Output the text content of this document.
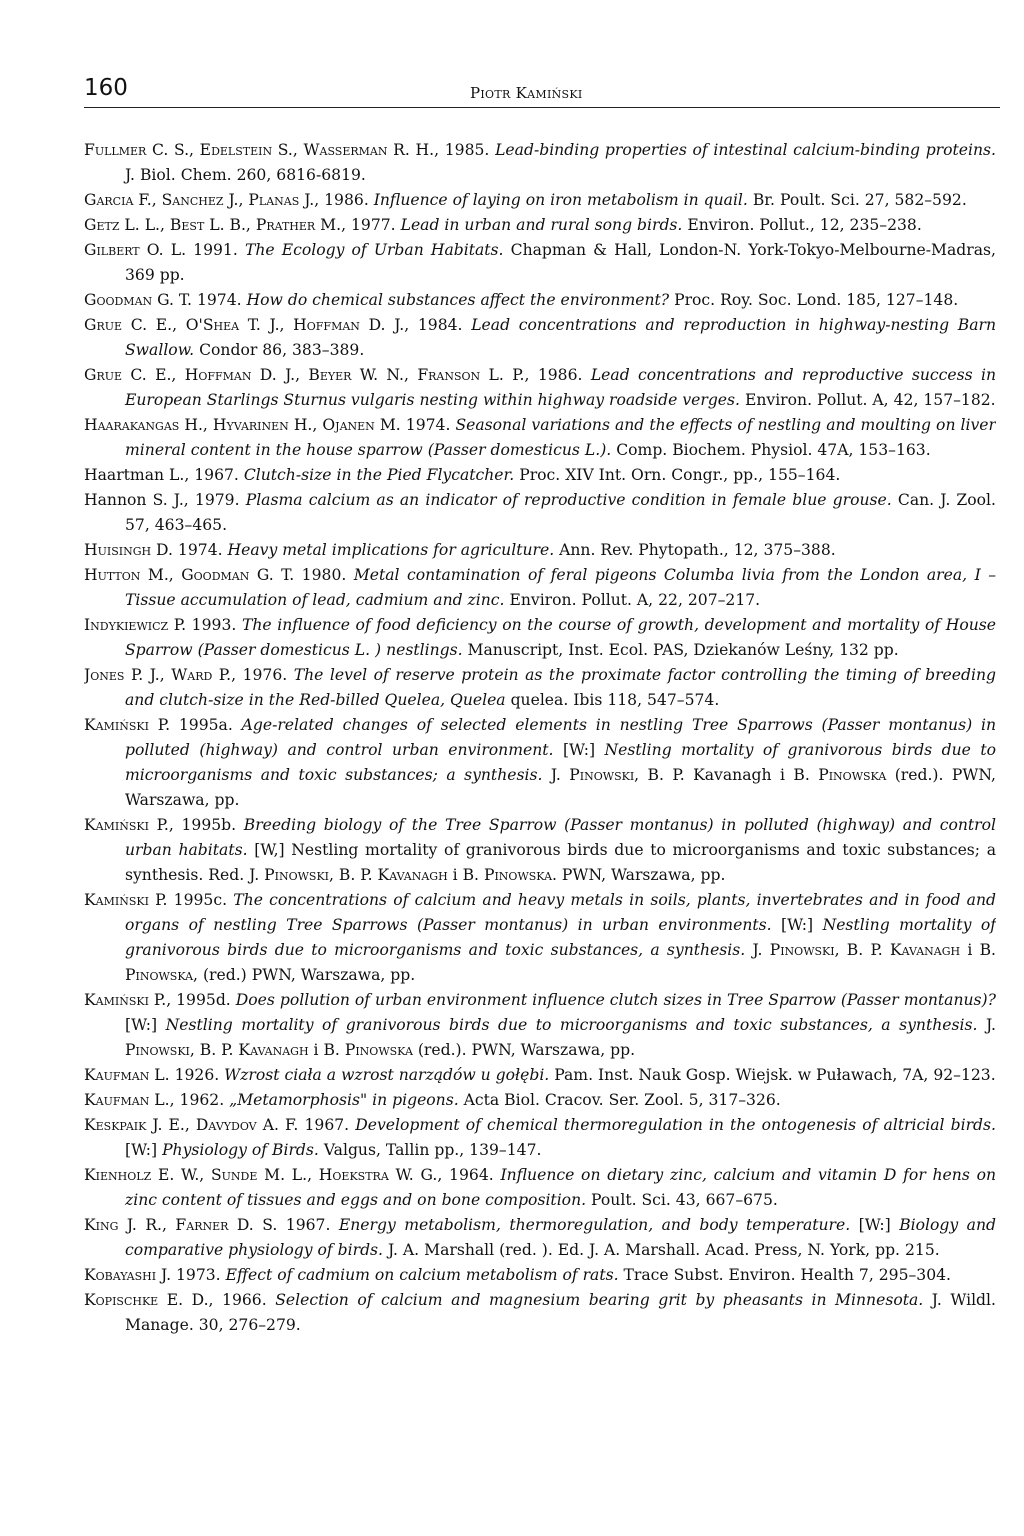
160	Piotr Kamiński

Fullmer C. S., Edelstein S., Wasserman R. H., 1985. Lead-binding properties of intestinal calcium-binding proteins. J. Biol. Chem. 260, 6816-6819.

Garcia F., Sanchez J., Planas J., 1986. Influence of laying on iron metabolism in quail. Br. Poult. Sci. 27, 582–592.

Getz L. L., Best L. B., Prather M., 1977. Lead in urban and rural song birds. Environ. Pollut., 12, 235–238.

Gilbert O. L. 1991. The Ecology of Urban Habitats. Chapman & Hall, London-N. York-Tokyo-Melbourne-Madras, 369 pp.

Goodman G. T. 1974. How do chemical substances affect the environment? Proc. Roy. Soc. Lond. 185, 127–148.

Grue C. E., O'Shea T. J., Hoffman D. J., 1984. Lead concentrations and reproduction in highway-nesting Barn Swallow. Condor 86, 383–389.

Grue C. E., Hoffman D. J., Beyer W. N., Franson L. P., 1986. Lead concentrations and reproductive success in European Starlings Sturnus vulgaris nesting within highway roadside verges. Environ. Pollut. A, 42, 157–182.

Haarakangas H., Hyvarinen H., Ojanen M. 1974. Seasonal variations and the effects of nestling and moulting on liver mineral content in the house sparrow (Passer domesticus L.). Comp. Biochem. Physiol. 47A, 153–163.

Haartman L., 1967. Clutch-size in the Pied Flycatcher. Proc. XIV Int. Orn. Congr., pp., 155–164.

Hannon S. J., 1979. Plasma calcium as an indicator of reproductive condition in female blue grouse. Can. J. Zool. 57, 463–465.

Huisingh D. 1974. Heavy metal implications for agriculture. Ann. Rev. Phytopath., 12, 375–388.

Hutton M., Goodman G. T. 1980. Metal contamination of feral pigeons Columba livia from the London area, I – Tissue accumulation of lead, cadmium and zinc. Environ. Pollut. A, 22, 207–217.

Indykiewicz P. 1993. The influence of food deficiency on the course of growth, development and mortality of House Sparrow (Passer domesticus L. ) nestlings. Manuscript, Inst. Ecol. PAS, Dziekanów Leśny, 132 pp.

Jones P. J., Ward P., 1976. The level of reserve protein as the proximate factor controlling the timing of breeding and clutch-size in the Red-billed Quelea, Quelea quelea. Ibis 118, 547–574.

Kamiński P. 1995a. Age-related changes of selected elements in nestling Tree Sparrows (Passer montanus) in polluted (highway) and control urban environment. [W:] Nestling mortality of granivorous birds due to microorganisms and toxic substances; a synthesis. J. Pinowski, B. P. Kavanagh i B. Pinowska (red.). PWN, Warszawa, pp.

Kamiński P., 1995b. Breeding biology of the Tree Sparrow (Passer montanus) in polluted (highway) and control urban habitats. [W,] Nestling mortality of granivorous birds due to microorganisms and toxic substances; a synthesis. Red. J. Pinowski, B. P. Kavanagh i B. Pinowska. PWN, Warszawa, pp.

Kamiński P. 1995c. The concentrations of calcium and heavy metals in soils, plants, invertebrates and in food and organs of nestling Tree Sparrows (Passer montanus) in urban environments. [W:] Nestling mortality of granivorous birds due to microorganisms and toxic substances, a synthesis. J. Pinowski, B. P. Kavanagh i B. Pinowska, (red.) PWN, Warszawa, pp.

Kamiński P., 1995d. Does pollution of urban environment influence clutch sizes in Tree Sparrow (Passer montanus)? [W:] Nestling mortality of granivorous birds due to microorganisms and toxic substances, a synthesis. J. Pinowski, B. P. Kavanagh i B. Pinowska (red.). PWN, Warszawa, pp.

Kaufman L. 1926. Wzrost ciała a wzrost narządów u gołębi. Pam. Inst. Nauk Gosp. Wiejsk. w Puławach, 7A, 92–123.

Kaufman L., 1962. „Metamorphosis" in pigeons. Acta Biol. Cracov. Ser. Zool. 5, 317–326.

Keskpaik J. E., Davydov A. F. 1967. Development of chemical thermoregulation in the ontogenesis of altricial birds. [W:] Physiology of Birds. Valgus, Tallin pp., 139–147.

Kienholz E. W., Sunde M. L., Hoekstra W. G., 1964. Influence on dietary zinc, calcium and vitamin D for hens on zinc content of tissues and eggs and on bone composition. Poult. Sci. 43, 667–675.

King J. R., Farner D. S. 1967. Energy metabolism, thermoregulation, and body temperature. [W:] Biology and comparative physiology of birds. J. A. Marshall (red. ). Ed. J. A. Marshall. Acad. Press, N. York, pp. 215.

Kobayashi J. 1973. Effect of cadmium on calcium metabolism of rats. Trace Subst. Environ. Health 7, 295–304.

Kopischke E. D., 1966. Selection of calcium and magnesium bearing grit by pheasants in Minnesota. J. Wildl. Manage. 30, 276–279.
